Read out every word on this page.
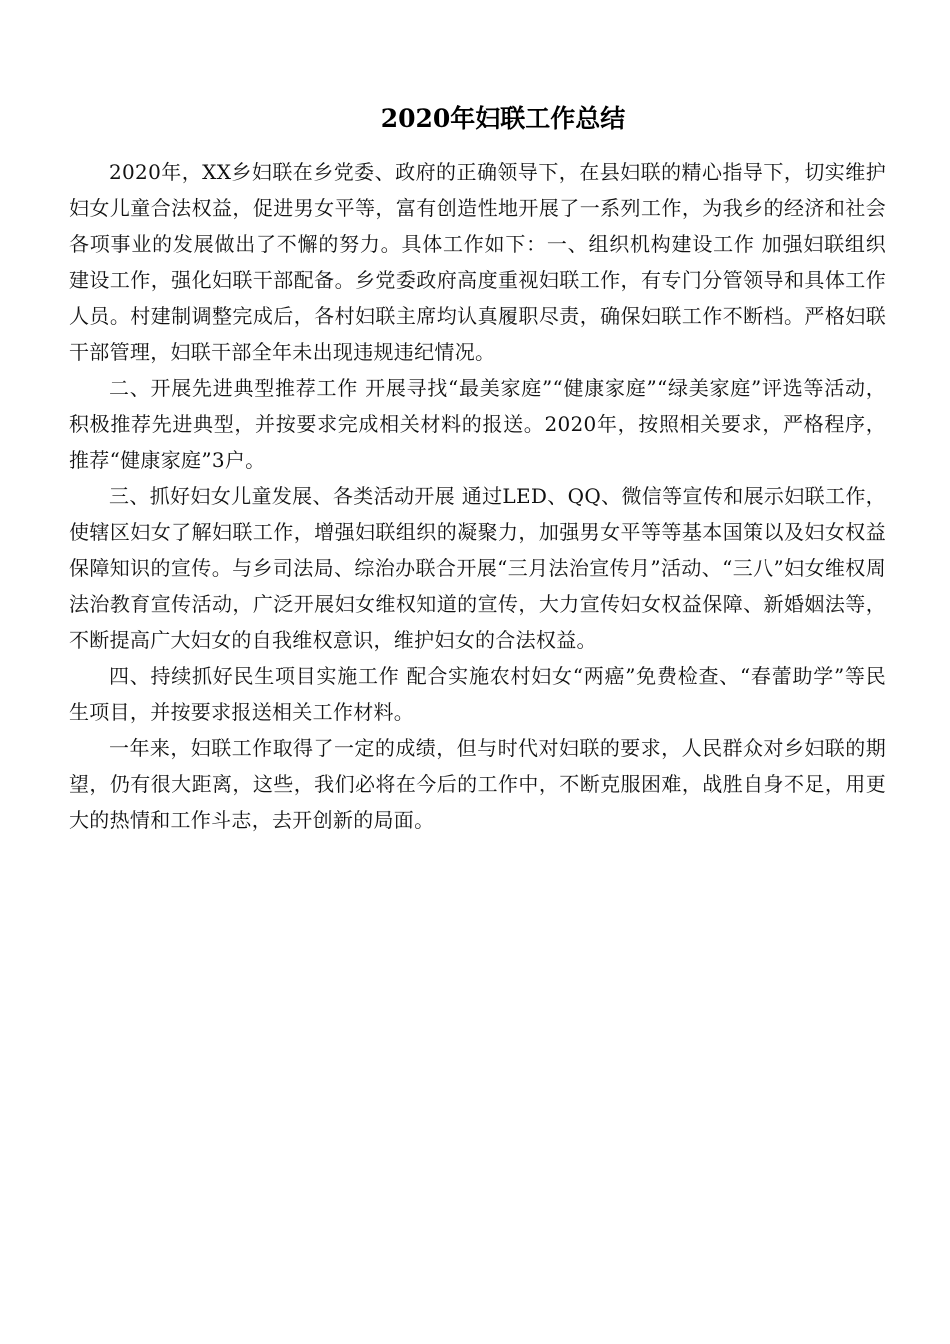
2020年妇联工作总结

2020年，XX乡妇联在乡党委、政府的正确领导下，在县妇联的精心指导下，切实维护妇女儿童合法权益，促进男女平等，富有创造性地开展了一系列工作，为我乡的经济和社会各项事业的发展做出了不懈的努力。具体工作如下：一、组织机构建设工作 加强妇联组织建设工作，强化妇联干部配备。乡党委政府高度重视妇联工作，有专门分管领导和具体工作人员。村建制调整完成后，各村妇联主席均认真履职尽责，确保妇联工作不断档。严格妇联干部管理，妇联干部全年未出现违规违纪情况。

二、开展先进典型推荐工作 开展寻找“最美家庭”“健康家庭”“绿美家庭”评选等活动，积极推荐先进典型，并按要求完成相关材料的报送。2020年，按照相关要求，严格程序，推荐“健康家庭”3户。

三、抓好妇女儿童发展、各类活动开展 通过LED、QQ、微信等宣传和展示妇联工作，使辖区妇女了解妇联工作，增强妇联组织的凝聚力，加强男女平等等基本国策以及妇女权益保障知识的宣传。与乡司法局、综治办联合开展“三月法治宣传月”活动、“三八”妇女维权周法治教育宣传活动，广泛开展妇女维权知道的宣传，大力宣传妇女权益保障、新婚姻法等，不断提高广大妇女的自我维权意识，维护妇女的合法权益。

四、持续抓好民生项目实施工作 配合实施农村妇女“两癌”免费检查、“春蕾助学”等民生项目，并按要求报送相关工作材料。

一年来，妇联工作取得了一定的成绩，但与时代对妇联的要求，人民群众对乡妇联的期望，仍有很大距离，这些，我们必将在今后的工作中，不断克服困难，战胜自身不足，用更大的热情和工作斗志，去开创新的局面。
